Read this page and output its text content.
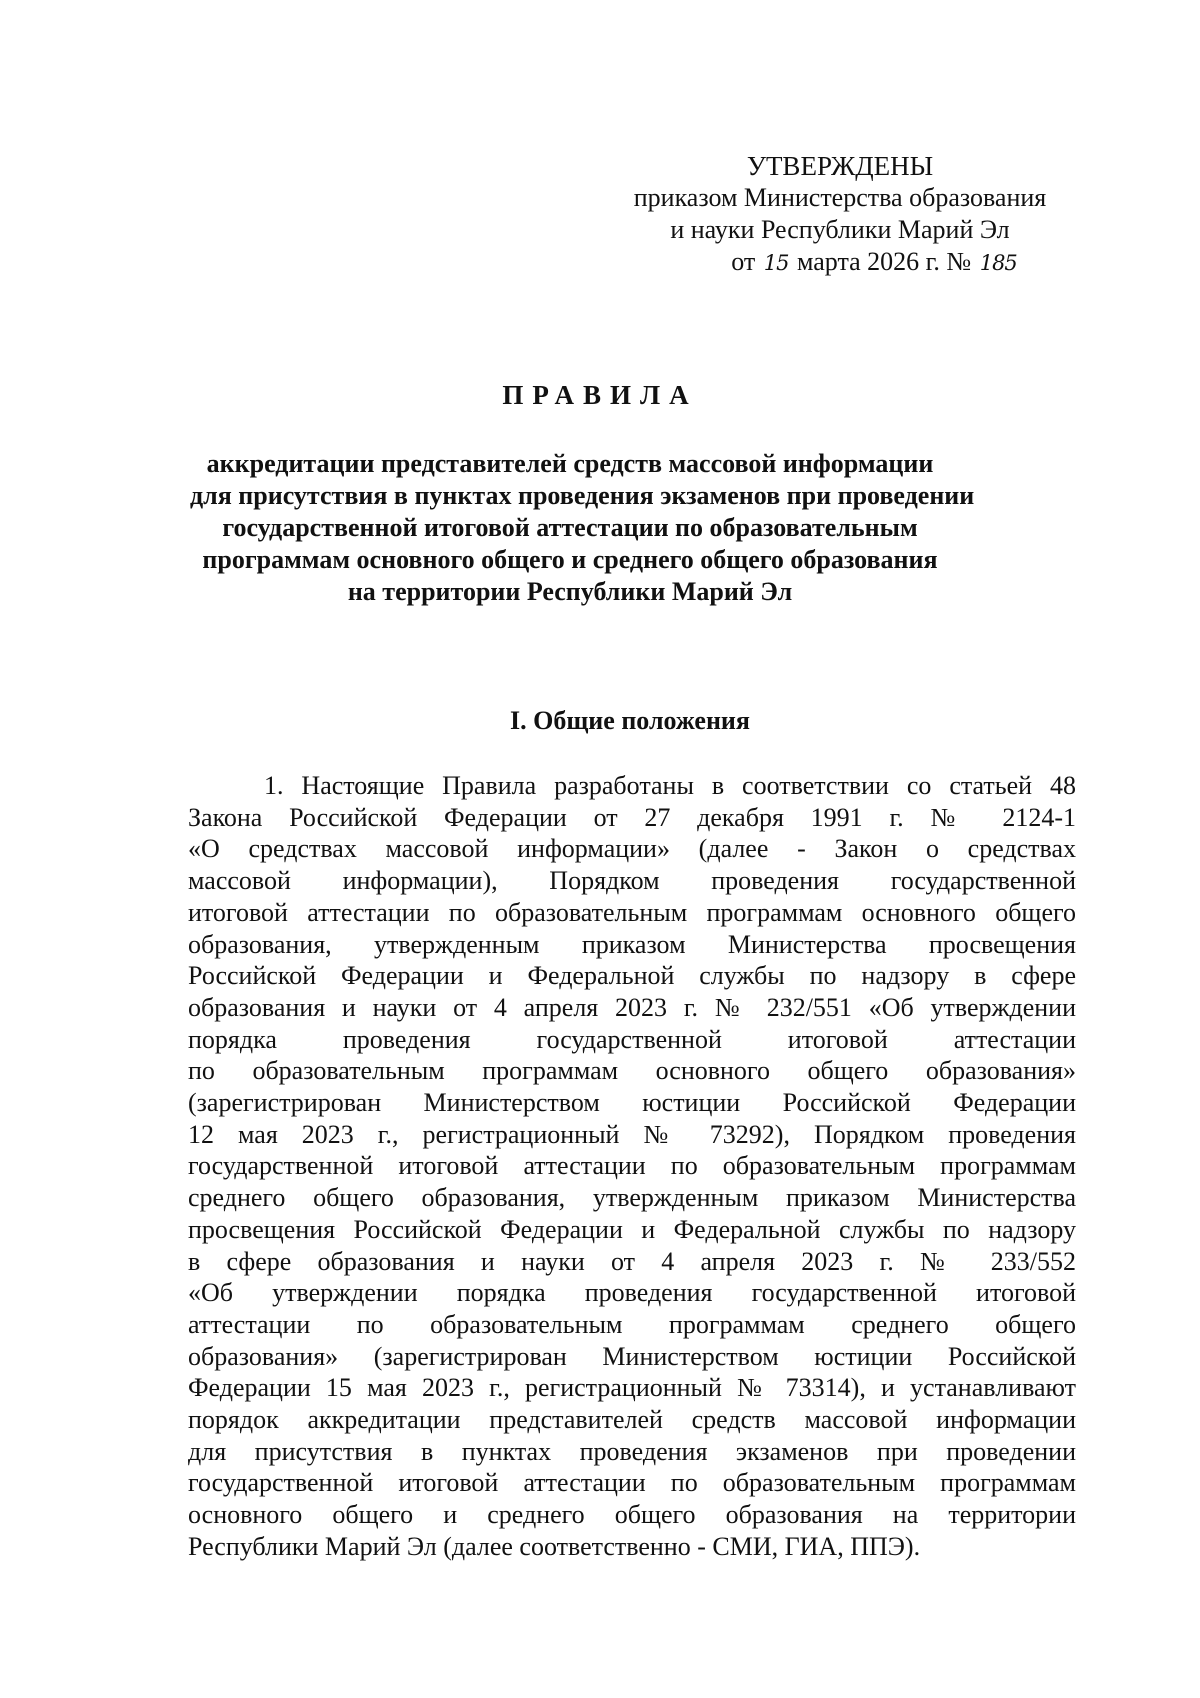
УТВЕРЖДЕНЫ
приказом Министерства образования
и науки Республики Марий Эл
от 15 марта 2026 г. № 185
ПРАВИЛА
аккредитации представителей средств массовой информации
для присутствия в пунктах проведения экзаменов при проведении
государственной итоговой аттестации по образовательным
программам основного общего и среднего общего образования
на территории Республики Марий Эл
I. Общие положения
1. Настоящие Правила разработаны в соответствии со статьей 48
Закона Российской Федерации от 27 декабря 1991 г. № 2124-1
«О средствах массовой информации» (далее - Закон о средствах
массовой информации), Порядком проведения государственной
итоговой аттестации по образовательным программам основного общего
образования, утвержденным приказом Министерства просвещения
Российской Федерации и Федеральной службы по надзору в сфере
образования и науки от 4 апреля 2023 г. № 232/551 «Об утверждении
порядка проведения государственной итоговой аттестации
по образовательным программам основного общего образования»
(зарегистрирован Министерством юстиции Российской Федерации
12 мая 2023 г., регистрационный № 73292), Порядком проведения
государственной итоговой аттестации по образовательным программам
среднего общего образования, утвержденным приказом Министерства
просвещения Российской Федерации и Федеральной службы по надзору
в сфере образования и науки от 4 апреля 2023 г. № 233/552
«Об утверждении порядка проведения государственной итоговой
аттестации по образовательным программам среднего общего
образования» (зарегистрирован Министерством юстиции Российской
Федерации 15 мая 2023 г., регистрационный № 73314), и устанавливают
порядок аккредитации представителей средств массовой информации
для присутствия в пунктах проведения экзаменов при проведении
государственной итоговой аттестации по образовательным программам
основного общего и среднего общего образования на территории
Республики Марий Эл (далее соответственно - СМИ, ГИА, ППЭ).
